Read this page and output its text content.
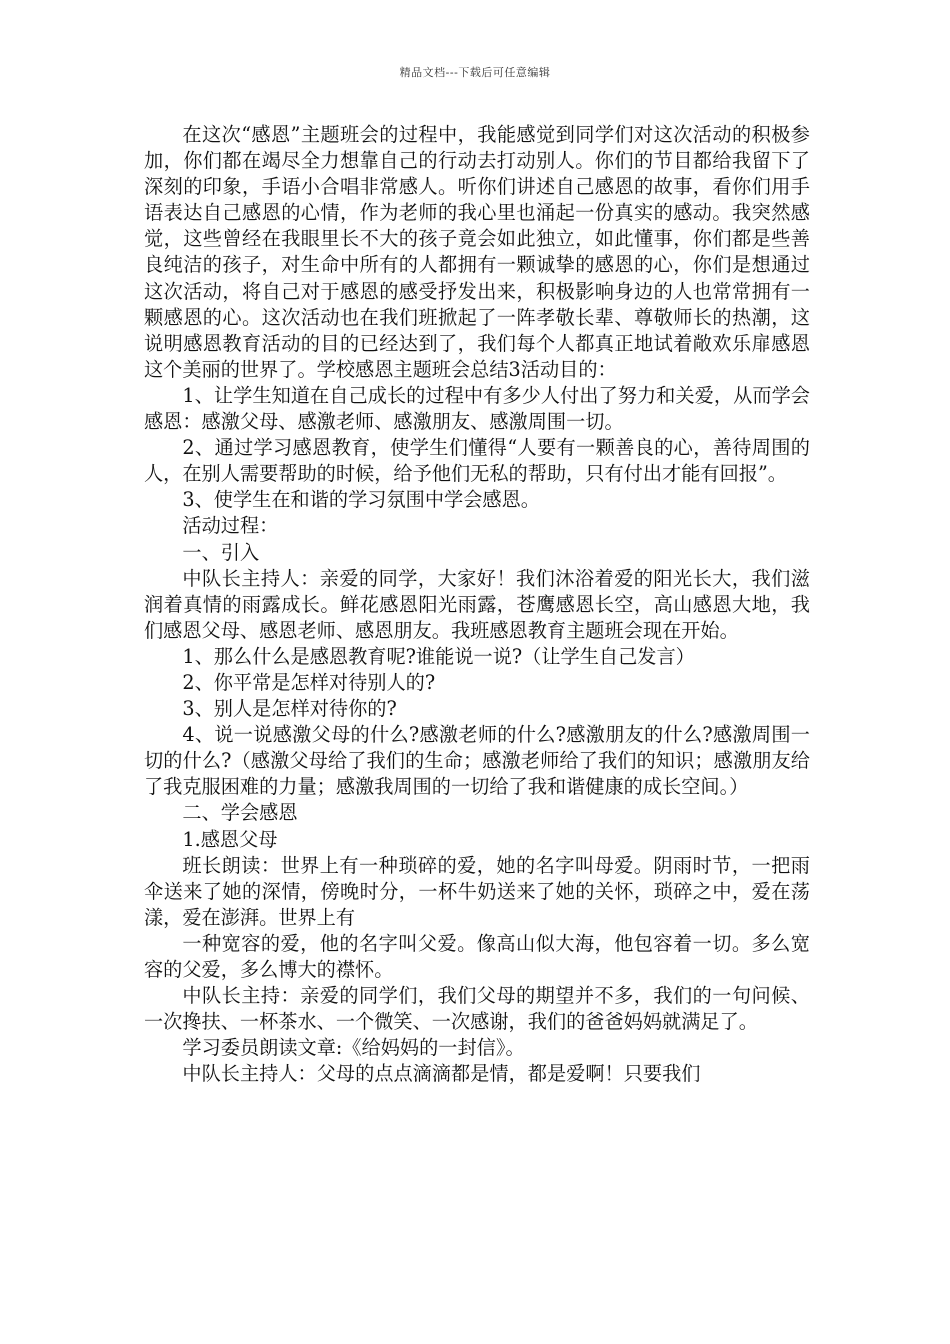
精品文档---下载后可任意编辑

在这次“感恩”主题班会的过程中，我能感觉到同学们对这次活动的积极参加，你们都在竭尽全力想靠自己的行动去打动别人。你们的节目都给我留下了深刻的印象，手语小合唱非常感人。听你们讲述自己感恩的故事，看你们用手语表达自己感恩的心情，作为老师的我心里也涌起一份真实的感动。我突然感觉，这些曾经在我眼里长不大的孩子竟会如此独立，如此懂事，你们都是些善良纯洁的孩子，对生命中所有的人都拥有一颗诚挚的感恩的心，你们是想通过这次活动，将自己对于感恩的感受抒发出来，积极影响身边的人也常常拥有一颗感恩的心。这次活动也在我们班掀起了一阵孝敬长辈、尊敬师长的热潮，这说明感恩教育活动的目的已经达到了，我们每个人都真正地试着敞欢乐扉感恩这个美丽的世界了。学校感恩主题班会总结3活动目的：

1、让学生知道在自己成长的过程中有多少人付出了努力和关爱，从而学会感恩：感激父母、感激老师、感激朋友、感激周围一切。

2、通过学习感恩教育，使学生们懂得“人要有一颗善良的心，善待周围的人，在别人需要帮助的时候，给予他们无私的帮助，只有付出才能有回报”。

3、使学生在和谐的学习氛围中学会感恩。

活动过程：

一、引入

中队长主持人：亲爱的同学，大家好！我们沐浴着爱的阳光长大，我们滋润着真情的雨露成长。鲜花感恩阳光雨露，苍鹰感恩长空，高山感恩大地，我们感恩父母、感恩老师、感恩朋友。我班感恩教育主题班会现在开始。

1、那么什么是感恩教育呢?谁能说一说?（让学生自己发言）

2、你平常是怎样对待别人的?

3、别人是怎样对待你的?

4、说一说感激父母的什么?感激老师的什么?感激朋友的什么?感激周围一切的什么?（感激父母给了我们的生命；感激老师给了我们的知识；感激朋友给了我克服困难的力量；感激我周围的一切给了我和谐健康的成长空间。）

二、学会感恩

1.感恩父母

班长朗读：世界上有一种琐碎的爱，她的名字叫母爱。阴雨时节，一把雨伞送来了她的深情，傍晚时分，一杯牛奶送来了她的关怀，琐碎之中，爱在荡漾，爱在澎湃。世界上有

一种宽容的爱，他的名字叫父爱。像高山似大海，他包容着一切。多么宽容的父爱，多么博大的襟怀。

中队长主持：亲爱的同学们，我们父母的期望并不多，我们的一句问候、一次搀扶、一杯茶水、一个微笑、一次感谢，我们的爸爸妈妈就满足了。

学习委员朗读文章:《给妈妈的一封信》。

中队长主持人：父母的点点滴滴都是情，都是爱啊！只要我们
